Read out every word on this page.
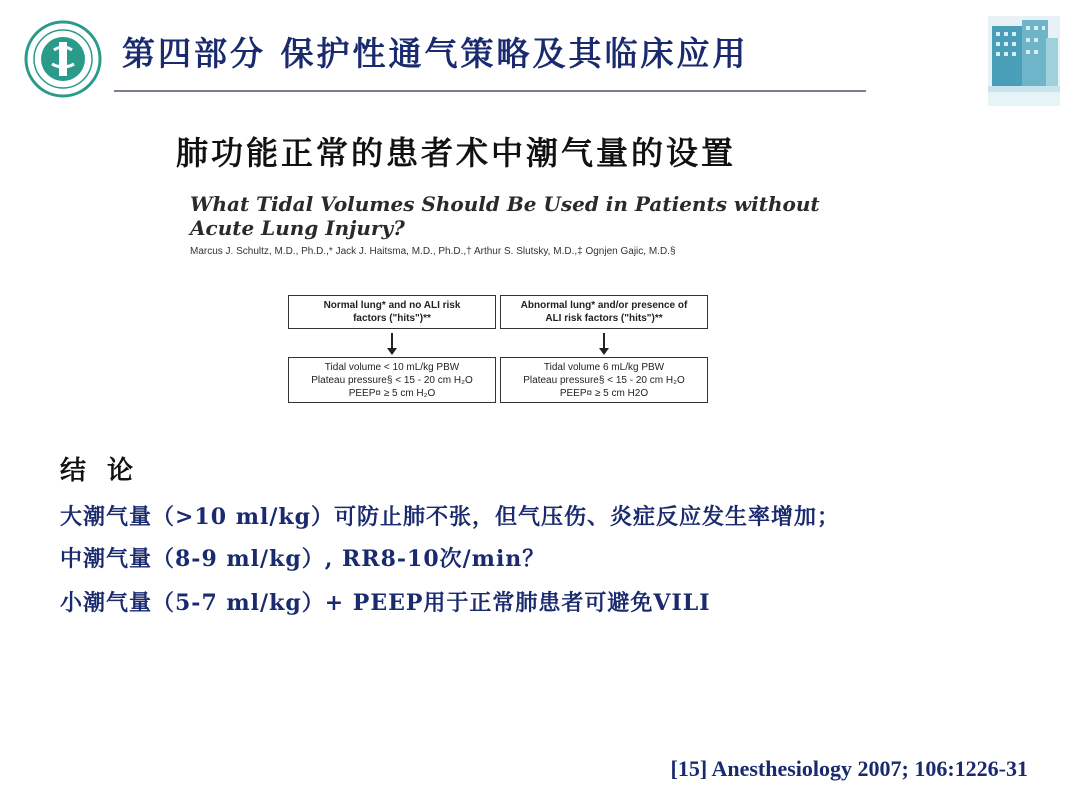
第四部分 保护性通气策略及其临床应用
肺功能正常的患者术中潮气量的设置
What Tidal Volumes Should Be Used in Patients without Acute Lung Injury?
Marcus J. Schultz, M.D., Ph.D.,* Jack J. Haitsma, M.D., Ph.D.,† Arthur S. Slutsky, M.D.,‡ Ognjen Gajic, M.D.§
Normal lung* and no ALI risk
factors ("hits")**
Abnormal lung* and/or presence of
ALI risk factors ("hits")**
Tidal volume < 10 mL/kg PBW
Plateau pressure§ < 15 - 20 cm H₂O
PEEP¤ ≥ 5 cm H₂O
Tidal volume 6 mL/kg PBW
Plateau pressure§ < 15 - 20 cm H₂O
PEEP¤ ≥ 5 cm H2O
结 论
大潮气量（>10 ml/kg）可防止肺不张，但气压伤、炎症反应发生率增加；
中潮气量（8-9 ml/kg）, RR8-10次/min？
小潮气量（5-7 ml/kg）+ PEEP用于正常肺患者可避免VILI
[15] Anesthesiology 2007; 106:1226-31
